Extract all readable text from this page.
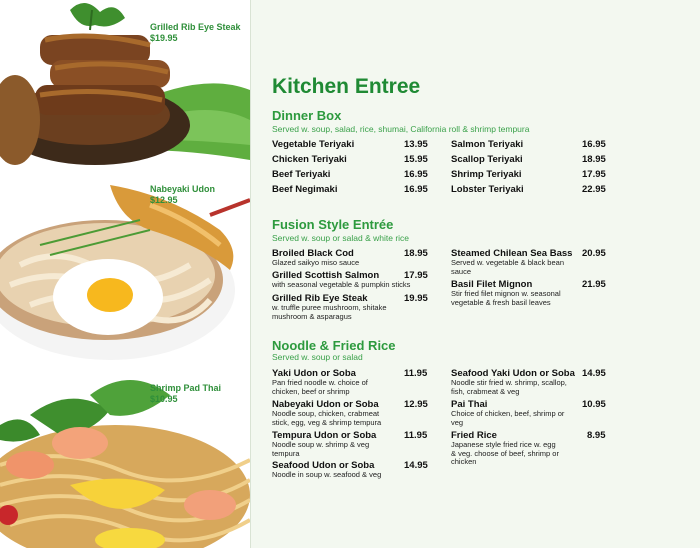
Grilled Rib Eye Steak
$19.95
Nabeyaki Udon
$12.95
Shrimp Pad Thai
$10.95
Kitchen Entree
Dinner Box
Served w. soup, salad, rice, shumai, California roll & shrimp tempura
Vegetable Teriyaki	13.95
Chicken Teriyaki	15.95
Beef Teriyaki	16.95
Beef Negimaki	16.95
Salmon Teriyaki	16.95
Scallop Teriyaki	18.95
Shrimp Teriyaki	17.95
Lobster Teriyaki	22.95
Fusion Style Entrée
Served w. soup or salad & white rice
Broiled Black Cod	18.95
Glazed saikyo miso sauce
Grilled Scottish Salmon	17.95
with seasonal vegetable & pumpkin sticks
Grilled Rib Eye Steak	19.95
w. truffle puree mushroom, shitake mushroom & asparagus
Steamed Chilean Sea Bass 20.95
Served w. vegetable & black bean sauce
Basil Filet Mignon	21.95
Stir fried filet mignon w. seasonal vegetable & fresh basil leaves
Noodle & Fried Rice
Served w. soup or salad
Yaki Udon or Soba	11.95
Pan fried noodle w. choice of chicken, beef or shrimp
Nabeyaki Udon or Soba	12.95
Noodle soup, chicken, crabmeat stick, egg, veg & shrimp tempura
Tempura Udon or Soba	11.95
Noodle soup w. shrimp & veg tempura
Seafood Udon or Soba	14.95
Noodle in soup w. seafood & veg
Seafood Yaki Udon or Soba 14.95
Noodle stir fried w. shrimp, scallop, fish, crabmeat & veg
Pai Thai	10.95
Choice of chicken, beef, shrimp or veg
Fried Rice	8.95
Japanese style fried rice w. egg & veg. choose of beef, shrimp or chicken
